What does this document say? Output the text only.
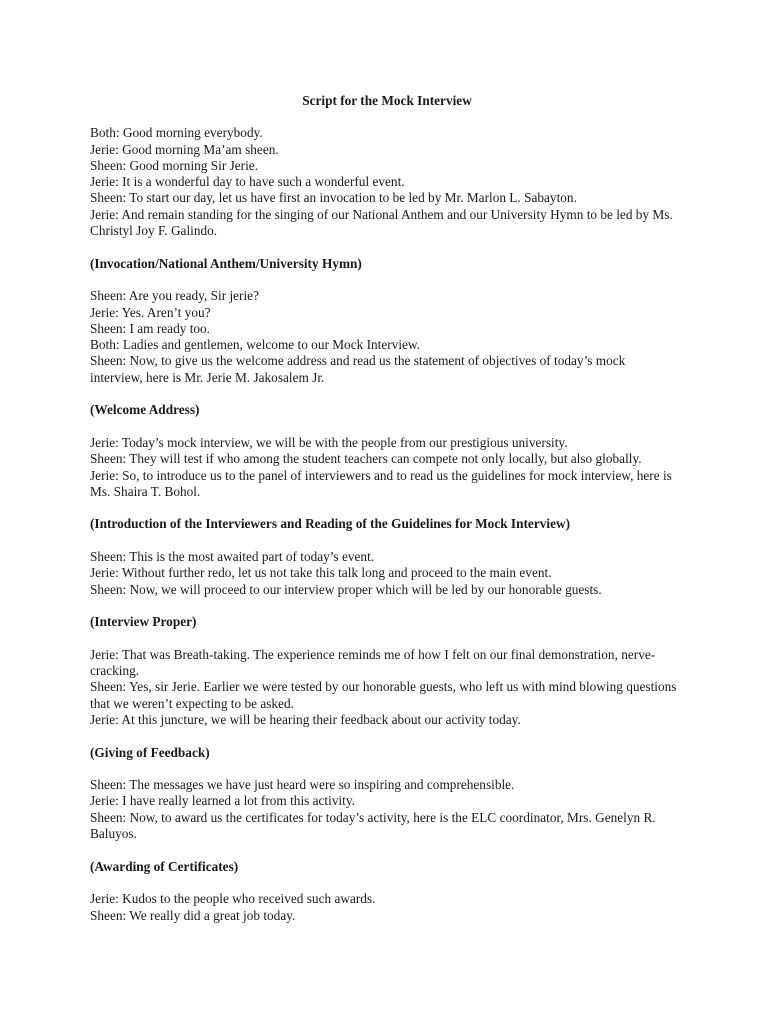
Script for the Mock Interview
Both: Good morning everybody.
Jerie: Good morning Ma’am sheen.
Sheen: Good morning Sir Jerie.
Jerie: It is a wonderful day to have such a wonderful event.
Sheen: To start our day, let us have first an invocation to be led by Mr. Marlon L. Sabayton.
Jerie: And remain standing for the singing of our National Anthem and our University Hymn to be led by Ms. Christyl Joy F. Galindo.
(Invocation/National Anthem/University Hymn)
Sheen: Are you ready, Sir jerie?
Jerie: Yes. Aren’t you?
Sheen: I am ready too.
Both: Ladies and gentlemen, welcome to our Mock Interview.
Sheen: Now, to give us the welcome address and read us the statement of objectives of today’s mock interview, here is Mr. Jerie M. Jakosalem Jr.
(Welcome Address)
Jerie: Today’s mock interview, we will be with the people from our prestigious university.
Sheen: They will test if who among the student teachers can compete not only locally, but also globally.
Jerie: So, to introduce us to the panel of interviewers and to read us the guidelines for mock interview, here is Ms. Shaira T. Bohol.
(Introduction of the Interviewers and Reading of the Guidelines for Mock Interview)
Sheen: This is the most awaited part of today’s event.
Jerie: Without further redo, let us not take this talk long and proceed to the main event.
Sheen: Now, we will proceed to our interview proper which will be led by our honorable guests.
(Interview Proper)
Jerie: That was Breath-taking. The experience reminds me of how I felt on our final demonstration, nerve-cracking.
Sheen: Yes, sir Jerie. Earlier we were tested by our honorable guests, who left us with mind blowing questions that we weren’t expecting to be asked.
Jerie: At this juncture, we will be hearing their feedback about our activity today.
(Giving of Feedback)
Sheen: The messages we have just heard were so inspiring and comprehensible.
Jerie: I have really learned a lot from this activity.
Sheen: Now, to award us the certificates for today’s activity, here is the ELC coordinator, Mrs. Genelyn R. Baluyos.
(Awarding of Certificates)
Jerie: Kudos to the people who received such awards.
Sheen: We really did a great job today.
